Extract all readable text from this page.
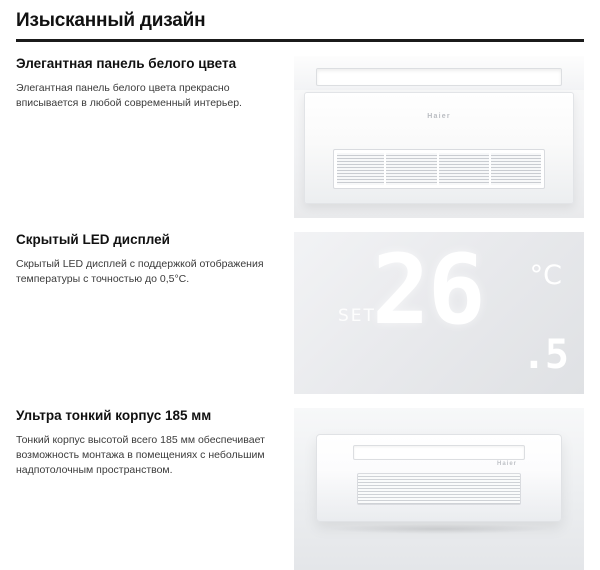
Изысканный дизайн
Элегантная панель белого цвета

Элегантная панель белого цвета прекрасно вписывается в любой современный интерьер.

Haier
Скрытый LED дисплей

Скрытый LED дисплей с поддержкой отображения температуры с точностью до 0,5°С.

SET
26 °C
.5
Ультра тонкий корпус 185 мм

Тонкий корпус высотой всего 185 мм обеспечивает возможность монтажа в помещениях с небольшим надпотолочным пространством.

Haier
